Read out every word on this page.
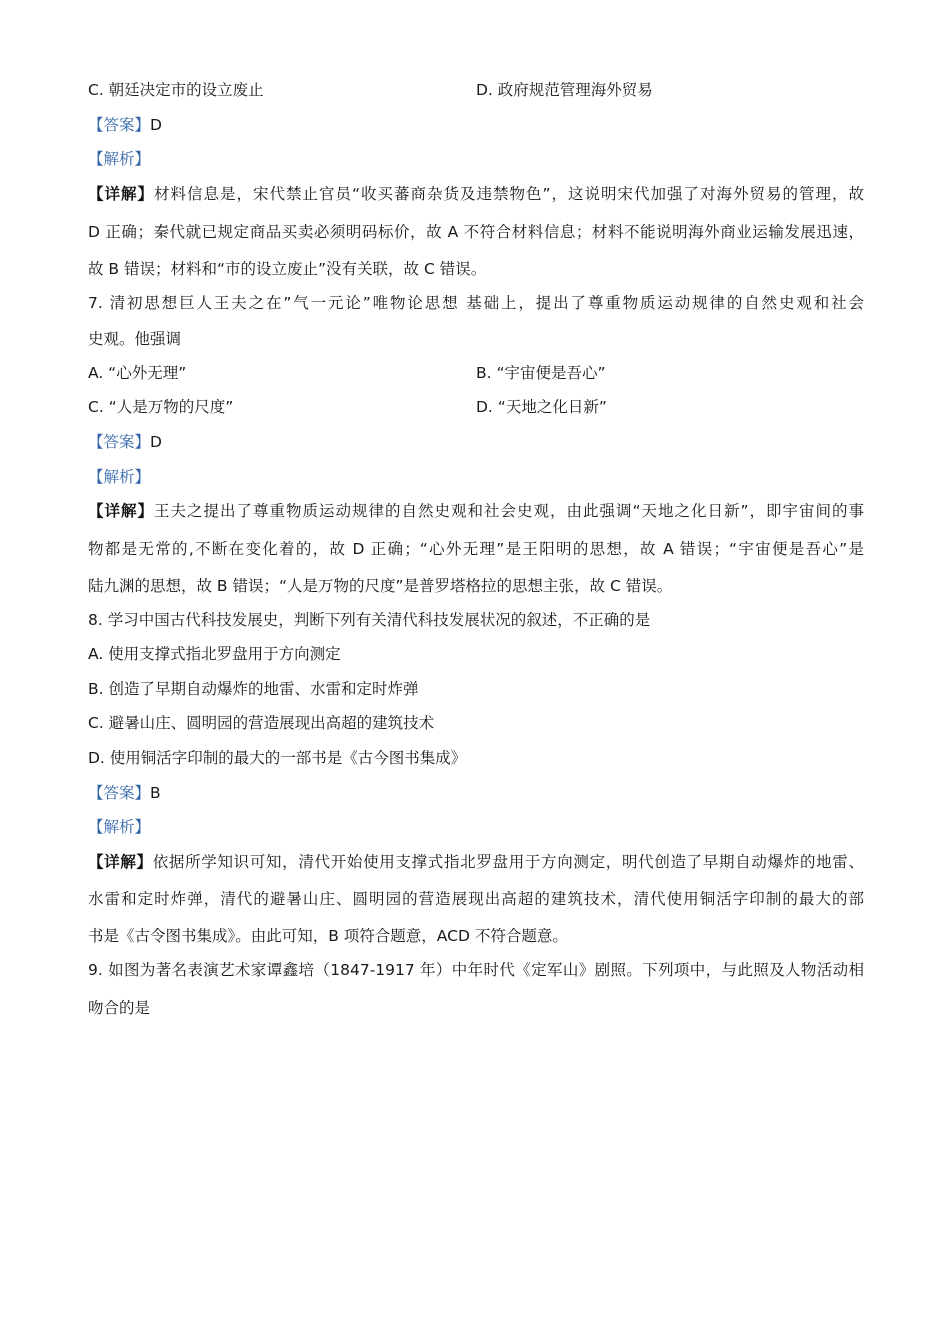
C. 朝廷决定市的设立废止	D. 政府规范管理海外贸易
【答案】D
【解析】
【详解】材料信息是，宋代禁止官员“收买蕃商杂货及违禁物色”，这说明宋代加强了对海外贸易的管理，故
D 正确；秦代就已规定商品买卖必须明码标价，故 A 不符合材料信息；材料不能说明海外商业运输发展迅速，
故 B 错误；材料和“市的设立废止”没有关联，故 C 错误。
7. 清初思想巨人王夫之在”气一元论”唯物论思想 基础上，提出了尊重物质运动规律的自然史观和社会
史观。他强调
A. “心外无理”	B. “宇宙便是吾心”
C. “人是万物的尺度”	D. “天地之化日新”
【答案】D
【解析】
【详解】王夫之提出了尊重物质运动规律的自然史观和社会史观，由此强调“天地之化日新”，即宇宙间的事
物都是无常的,不断在变化着的，故 D 正确；“心外无理”是王阳明的思想，故 A 错误；“宇宙便是吾心”是
陆九渊的思想，故 B 错误；“人是万物的尺度”是普罗塔格拉的思想主张，故 C 错误。
8. 学习中国古代科技发展史，判断下列有关清代科技发展状况的叙述，不正确的是
A. 使用支撑式指北罗盘用于方向测定
B. 创造了早期自动爆炸的地雷、水雷和定时炸弹
C. 避暑山庄、圆明园的营造展现出高超的建筑技术
D. 使用铜活字印制的最大的一部书是《古今图书集成》
【答案】B
【解析】
【详解】依据所学知识可知，清代开始使用支撑式指北罗盘用于方向测定，明代创造了早期自动爆炸的地雷、
水雷和定时炸弹，清代的避暑山庄、圆明园的营造展现出高超的建筑技术，清代使用铜活字印制的最大的部
书是《古令图书集成》。由此可知，B 项符合题意，ACD 不符合题意。
9. 如图为著名表演艺术家谭鑫培（1847-1917 年）中年时代《定军山》剧照。下列项中，与此照及人物活动相
吻合的是
